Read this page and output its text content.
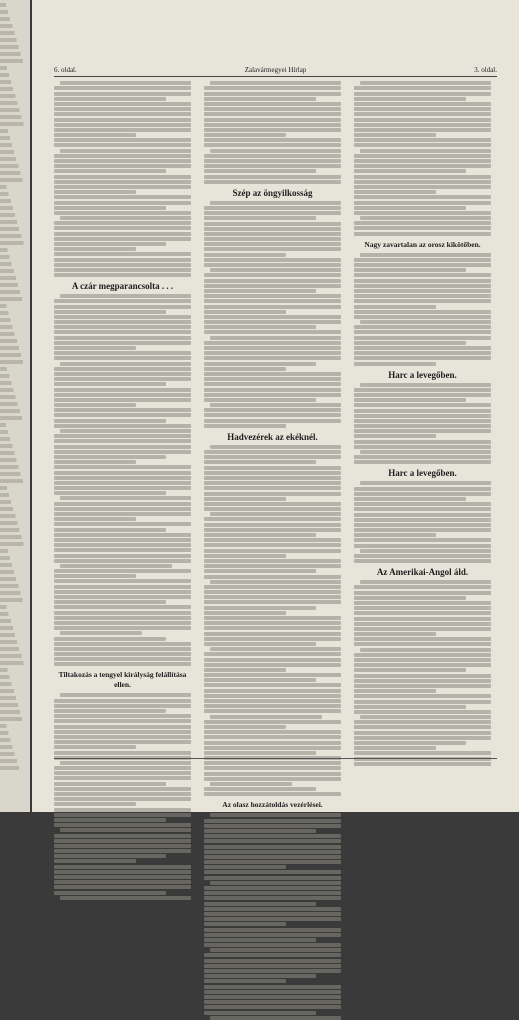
6. oldal.	Zalavármegyei Hírlap	3. oldal.
A czár megparancsolta . . .
Tiltakozás a tengyel királyság felállítása ellen.
Szép az öngyilkosság
Hadvezérek az ekéknél.
Az olasz hozzátoldás vezérlései.
Nagy zavartalan az orosz kikötőben.
Harc a levegőben.
Harc a levegőben.
Az Amerikai-Angol áld.
